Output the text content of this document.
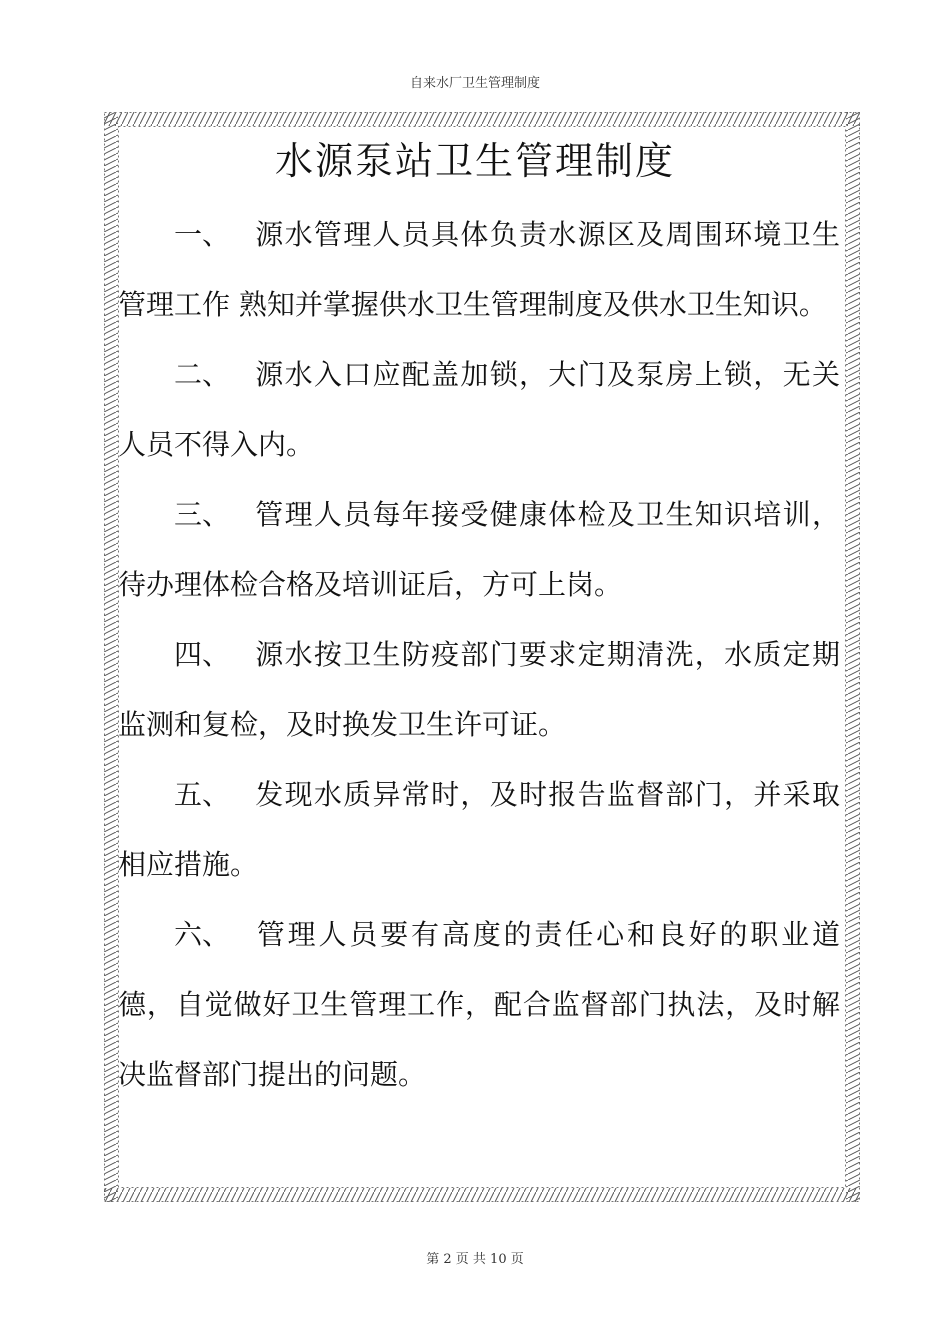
自来水厂卫生管理制度
水源泵站卫生管理制度

一、 源水管理人员具体负责水源区及周围环境卫生管理工作 熟知并掌握供水卫生管理制度及供水卫生知识。

二、 源水入口应配盖加锁，大门及泵房上锁，无关人员不得入内。

三、 管理人员每年接受健康体检及卫生知识培训，待办理体检合格及培训证后，方可上岗。

四、 源水按卫生防疫部门要求定期清洗，水质定期监测和复检，及时换发卫生许可证。

五、 发现水质异常时，及时报告监督部门，并采取相应措施。

六、 管理人员要有高度的责任心和良好的职业道德，自觉做好卫生管理工作，配合监督部门执法，及时解决监督部门提出的问题。

第 2 页 共 10 页
